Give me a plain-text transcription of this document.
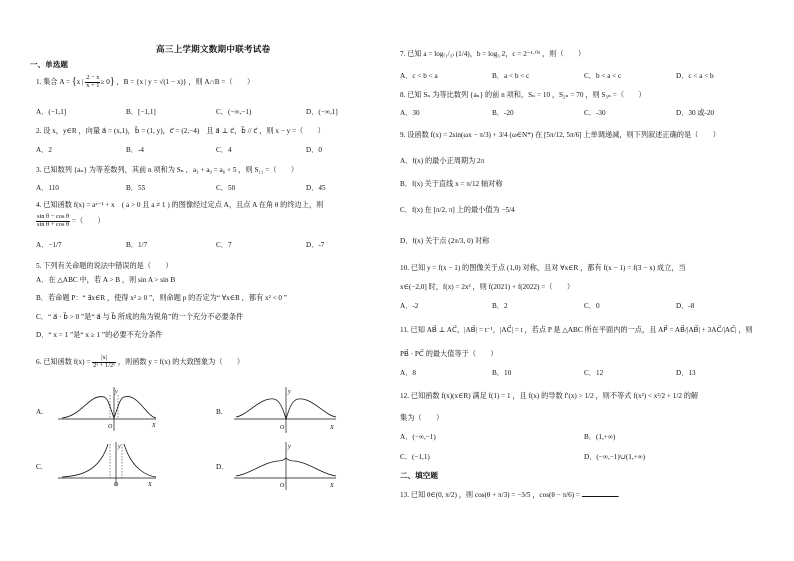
高三上学期文数期中联考试卷
一、单选题
1. 集合 A = {x | $\frac{2 - x}{x + 1} \ge 0$} ，B = {x | y = √(1 − x)} ，则 A∩B =（　　）
A．(−1,1]	B．[−1,1]	C．(−∞,−1)	D．(−∞,1]
2. 设 x，y∈R ，向量 a⃗ = (x,1)，b⃗ = (1, y)，c⃗ = (2,−4)　且 a⃗ ⊥ c⃗，b⃗ // c⃗ ，则 x − y =（　　）
A．2	B．-4	C．4	D．0
3. 已知数列 {aₙ} 为等差数列，其前 n 项和为 Sₙ ，a₃ + a₉ = a₆ + 5 ，则 S₁₁ =（　　）
A．110	B．55	C．50	D．45
4. 已知函数 f(x) = aˣ⁻¹ + x　( a > 0 且 a ≠ 1 ) 的图像经过定点 A，且点 A 在角 θ 的终边上，则
$\frac{\text{sin θ − cos θ}}{\text{sin θ + cos θ}}$ =（　　）
A．−1/7	B．1/7	C．7	D．-7
5. 下列有关命题的说法中错误的是（　　）
A．在 △ABC 中，若 A > B ，则 sin A > sin B
B．若命题 P：“ ∃x∈R ，使得 x² ≥ 0 ”，则命题 p 的否定为“ ∀x∈R ，都有 x² < 0 ”
C．“ a⃗ · b⃗ > 0 ”是“ a⃗ 与 b⃗ 所成的角为锐角”的一个充分不必要条件
D．“ x = 1 ”是“ x ≥ 1 ”的必要不充分条件
6. 已知函数 $f(x) = \frac{|x|}{\text{2ˣ + 1/2ˣ}}$ ，则函数 y = f(x) 的大致图象为（　　）
A.
y
O	X
B.
y
O	X
C.
y
O	X
D.
y
O	X
7. 已知 a = log₍₁/₃₎ (1/4)，b = log₃ 2，c = 2⁻¹·⁰¹ ，则（　　）
A．c < b < a	B．a < b < c	C．b < a < c	D．c < a < b
8. 已知 Sₙ 为等比数列 {aₙ} 的前 n 项和，Sₙ = 10 ，S₂ₙ = 70 ，则 S₃ₙ =（　　）
A．30	B．-20	C．-30	D．30 或-20
9. 设函数 f(x) = 2sin(ωx − π/3) + 3/4 (ω∈N*) 在 [5π/12, 5π/6] 上单调递减，则下列叙述正确的是（　　）
A．f(x) 的最小正周期为 2π
B．f(x) 关于直线 x = π/12 轴对称
C．f(x) 在 [π/2, π] 上的最小值为 −5/4
D．f(x) 关于点 (2π/3, 0) 对称
10. 已知 y = f(x − 1) 的图像关于点 (1,0) 对称，且对 ∀x∈R ，都有 f(x − 1) = f(3 − x) 成立，当
x∈(−2,0] 时，f(x) = 2x² ，则 f(2021) + f(2022) =（　　）
A．-2	B．2	C．0	D．-8
11. 已知 AB⃗ ⊥ AC⃗，|AB⃗| = t⁻¹，|AC⃗| = t ，若点 P 是 △ABC 所在平面内的一点，且 AP⃗ = AB⃗/|AB⃗| + 3AC⃗/|AC⃗| ，则
PB⃗ · PC⃗ 的最大值等于（　　）
A．8	B．10	C．12	D．13
12. 已知函数 f(x)(x∈R) 满足 f(1) = 1 ，且 f(x) 的导数 f′(x) > 1/2 ，则不等式 f(x²) < x²/2 + 1/2 的解
集为（　　）
A．(−∞,−1)	B．(1,+∞)
C．(−1,1)	D．(−∞,−1)∪(1,+∞)
二、填空题
13. 已知 θ∈(0, π/2) ，则 cos(θ + π/3) = −3/5 ，cos(θ − π/6) =	.
